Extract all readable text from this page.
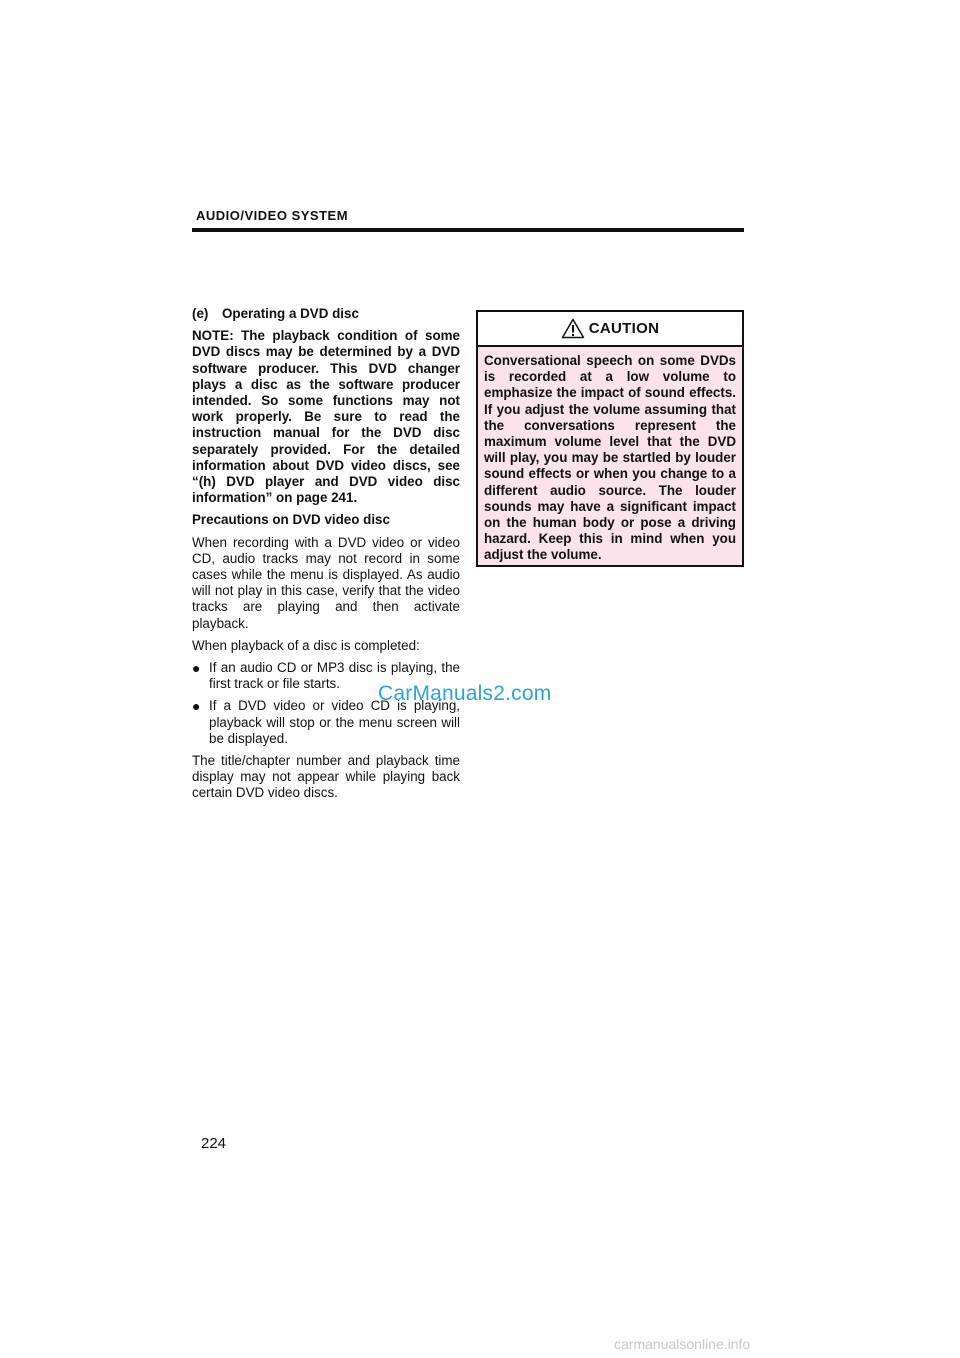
AUDIO/VIDEO SYSTEM

(e) Operating a DVD disc

NOTE: The playback condition of some DVD discs may be determined by a DVD software producer. This DVD changer plays a disc as the software producer intended. So some functions may not work properly. Be sure to read the instruction manual for the DVD disc separately provided. For the detailed information about DVD video discs, see “(h) DVD player and DVD video disc information” on page 241.

Precautions on DVD video disc

When recording with a DVD video or video CD, audio tracks may not record in some cases while the menu is displayed. As audio will not play in this case, verify that the video tracks are playing and then activate playback.

When playback of a disc is completed:

● If an audio CD or MP3 disc is playing, the first track or file starts.
● If a DVD video or video CD is playing, playback will stop or the menu screen will be displayed.

The title/chapter number and playback time display may not appear while playing back certain DVD video discs.

CAUTION
Conversational speech on some DVDs is recorded at a low volume to emphasize the impact of sound effects. If you adjust the volume assuming that the conversations represent the maximum volume level that the DVD will play, you may be startled by louder sound effects or when you change to a different audio source. The louder sounds may have a significant impact on the human body or pose a driving hazard. Keep this in mind when you adjust the volume.
CarManuals2.com
224
carmanualsonline.info
